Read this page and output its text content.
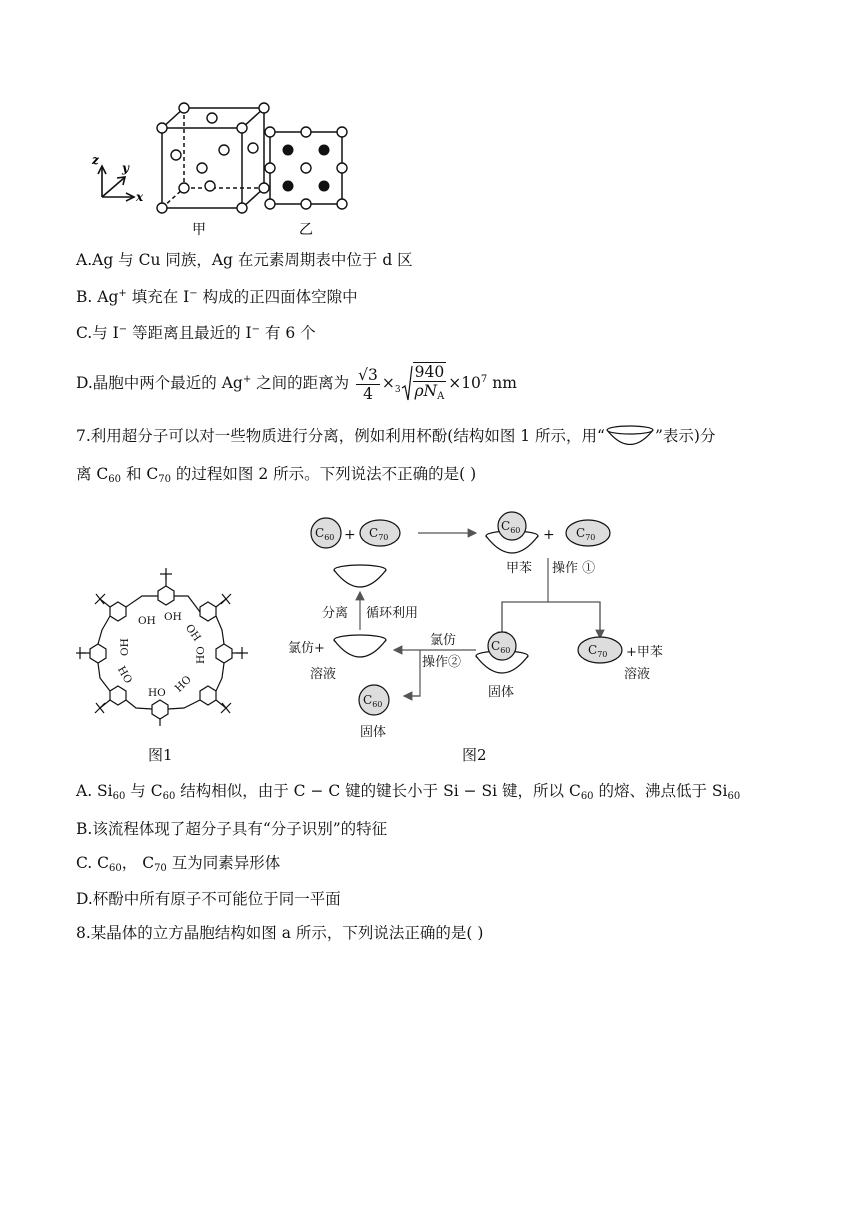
z
y
x
甲	乙
A.Ag 与 Cu 同族，Ag 在元素周期表中位于 d 区
B. Ag+ 填充在 I− 构成的正四面体空隙中
C.与 I− 等距离且最近的 I− 有 6 个
D.晶胞中两个最近的 Ag+ 之间的距离为 $\frac{√3}{4} \times_3 \frac{940}{\rho N_A} \times 10^7$ nm
7.利用超分子可以对一些物质进行分离，例如利用杯酚(结构如图 1 所示，用“	”表示)分
离 $C_{60}$ 和 $C_{70}$ 的过程如图 2 所示。下列说法不正确的是( )
OH OH
OH
HO
HO
HO
HO
OH
图1
$C_{60} + C_{70}$
$C_{60} + C_{70}$
甲苯 操作 ①
分离 循环利用
氯仿+
溶液
氯仿
操作②
$C_{60}$
固体
$C_{70}$ +甲苯
溶液
$C_{60}$
固体
图2
A. $Si_{60}$ 与 $C_{60}$ 结构相似，由于 C − C 键的键长小于 Si − Si 键，所以 $C_{60}$ 的熔、沸点低于 $Si_{60}$
B.该流程体现了超分子具有“分子识别”的特征
C. $C_{60}$， $C_{70}$ 互为同素异形体
D.杯酚中所有原子不可能位于同一平面
8.某晶体的立方晶胞结构如图 a 所示，下列说法正确的是( )
